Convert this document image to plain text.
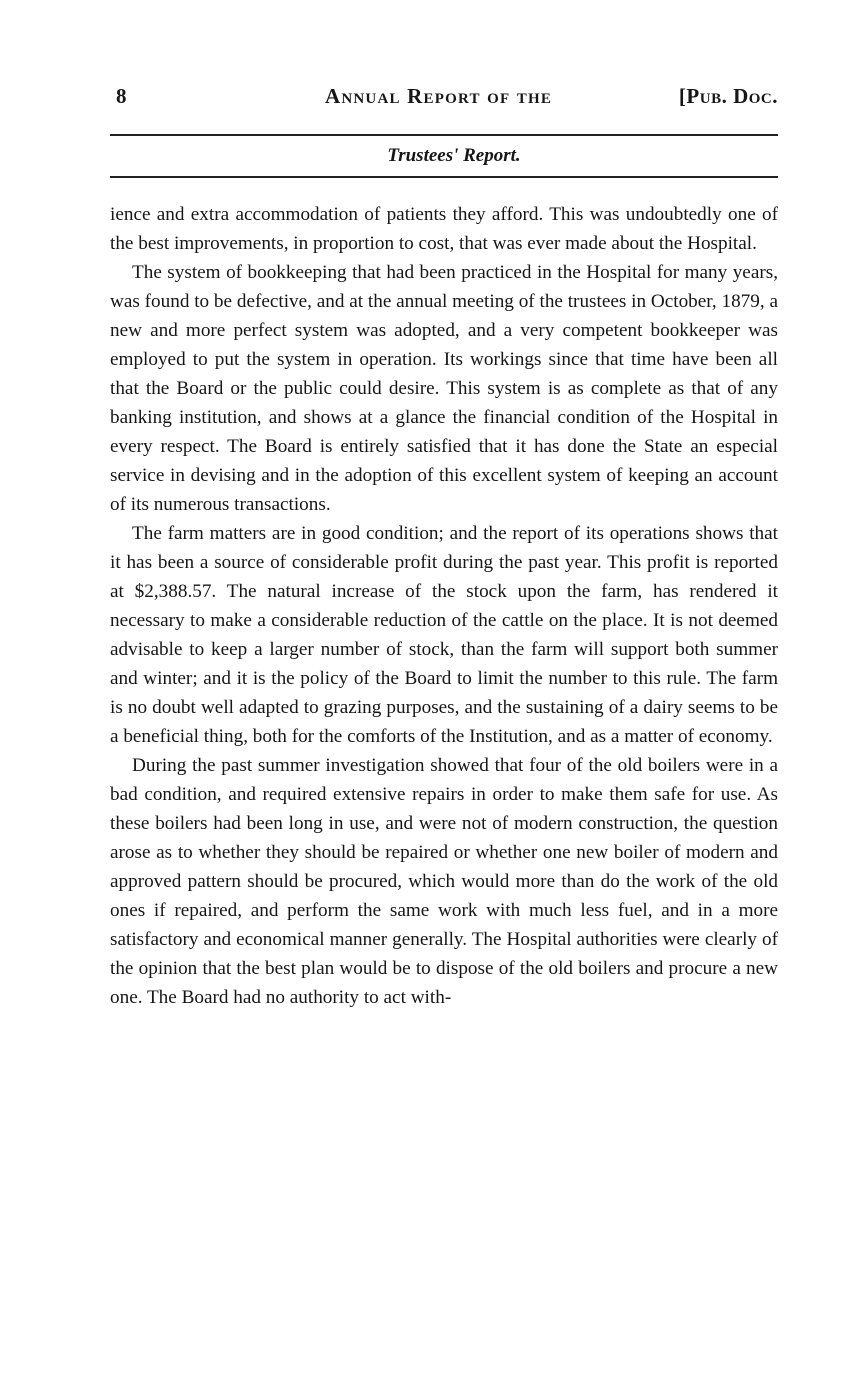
8	Annual Report of the	[Pub. Doc.
Trustees' Report.

ience and extra accommodation of patients they afford. This was undoubtedly one of the best improvements, in proportion to cost, that was ever made about the Hospital.

The system of bookkeeping that had been practiced in the Hospital for many years, was found to be defective, and at the annual meeting of the trustees in October, 1879, a new and more perfect system was adopted, and a very competent bookkeeper was employed to put the system in operation. Its workings since that time have been all that the Board or the public could desire. This system is as complete as that of any banking institution, and shows at a glance the financial condition of the Hospital in every respect. The Board is entirely satisfied that it has done the State an especial service in devising and in the adoption of this excellent system of keeping an account of its numerous transactions.

The farm matters are in good condition; and the report of its operations shows that it has been a source of considerable profit during the past year. This profit is reported at $2,388.57. The natural increase of the stock upon the farm, has rendered it necessary to make a considerable reduction of the cattle on the place. It is not deemed advisable to keep a larger number of stock, than the farm will support both summer and winter; and it is the policy of the Board to limit the number to this rule. The farm is no doubt well adapted to grazing purposes, and the sustaining of a dairy seems to be a beneficial thing, both for the comforts of the Institution, and as a matter of economy.

During the past summer investigation showed that four of the old boilers were in a bad condition, and required extensive repairs in order to make them safe for use. As these boilers had been long in use, and were not of modern construction, the question arose as to whether they should be repaired or whether one new boiler of modern and approved pattern should be procured, which would more than do the work of the old ones if repaired, and perform the same work with much less fuel, and in a more satisfactory and economical manner generally. The Hospital authorities were clearly of the opinion that the best plan would be to dispose of the old boilers and procure a new one. The Board had no authority to act with-
